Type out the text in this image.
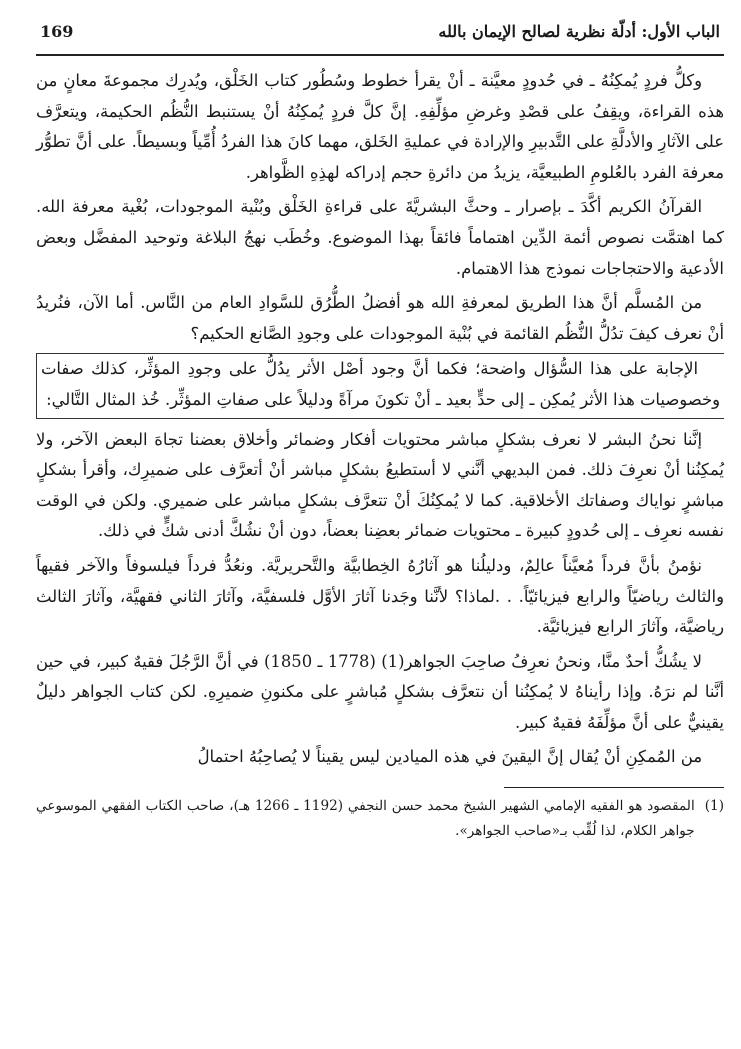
الباب الأول: أدلّة نظرية لصالح الإيمان بالله
169

وكلُّ فردٍ يُمكِنُهُ ـ في حُدودٍ معيَّنة ـ أنْ يقرأ خطوط وسُطُور كتاب الخَلْق، ويُدرِك مجموعةَ معانٍ من هذه القراءة، ويقِفُ على قصْدِ وغرضِ مؤلِّفِهِ. إنَّ كلَّ فردٍ يُمكِنُهُ أنْ يستنبط النُّظُم الحكيمة، ويتعرَّف على الآثارِ والأدلَّةِ على التَّدبيرِ والإرادة في عمليةِ الخَلق، مهما كانَ هذا الفردُ أُمِّياً وبسيطاً. على أنَّ تطوُّر معرفة الفرد بالعُلومِ الطبيعيَّة، يزيدُ من دائرةِ حجم إدراكه لهذِهِ الظَّواهر.

القرآنُ الكريم أكَّدَ ـ بإصرار ـ وحثَّ البشريَّةَ على قراءةِ الخَلْق وبُنْية الموجودات، بُغْية معرفة الله. كما اهتمَّت نصوص أئمة الدِّين اهتماماً فائقاً بهذا الموضوع. وخُطَب نهجُ البلاغة وتوحيد المفضَّل وبعض الأدعية والاحتجاجات نموذج هذا الاهتمام.

من المُسلَّم أنَّ هذا الطريق لمعرفةِ الله هو أفضلُ الطُّرُق للسَّوادِ العام من النَّاس. أما الآن، فنُريدُ أنْ نعرف كيفَ تدُلُّ النُّظُم القائمة في بُنْية الموجودات على وجودِ الصَّانع الحكيم؟

الإجابة على هذا السُّؤال واضحة؛ فكما أنَّ وجود أصْل الأثر يدُلُّ على وجودِ المؤثِّر، كذلك صفات وخصوصيات هذا الأثر يُمكِن ـ إلى حدٍّ بعيد ـ أنْ تكونَ مرآةً ودليلاً على صفاتِ المؤثِّر. خُذ المثال التَّالي:

إنَّنا نحنُ البشر لا نعرف بشكلٍ مباشر محتويات أفكار وضمائر وأخلاق بعضنا تجاهَ البعض الآخر، ولا يُمكِنُنا أنْ نعرِفَ ذلك. فمن البديهي أنَّني لا أستطيعُ بشكلٍ مباشر أنْ أتعرَّف على ضميرِك، وأقرأ بشكلٍ مباشرٍ نواياك وصفاتك الأخلاقية. كما لا يُمكِنُكَ أنْ تتعرَّف بشكلٍ مباشر على ضميري. ولكن في الوقت نفسه نعرِف ـ إلى حُدودٍ كبيرة ـ محتويات ضمائر بعضِنا بعضاً، دون أنْ نشُكَّ أدنى شكٍّ في ذلك.

نؤمنُ بأنَّ فرداً مُعيَّناً عالِمٌ، ودليلُنا هو آثارُهُ الخِطابيَّة والتَّحريريَّة. ونعُدُّ فرداً فيلسوفاً والآخر فقيهاً والثالث رياضيّاً والرابع فيزيائيّاً. . .لماذا؟ لأنَّنا وجَدنا آثارَ الأوَّل فلسفيَّة، وآثارَ الثاني فقهيَّة، وآثارَ الثالث رياضيَّة، وآثارَ الرابع فيزيائيَّة.

لا يشُكُّ أحدٌ منَّا، ونحنُ نعرِفُ صاحِبَ الجواهر(1) (1778 ـ 1850) في أنَّ الرَّجُلَ فقيهٌ كبير، في حين أنَّنا لم نرَهُ. وإذا رأيناهُ لا يُمكِنُنا أن نتعرَّف بشكلٍ مُباشرٍ على مكنونِ ضميرِهِ. لكن كتاب الجواهر دليلٌ يقينيٌّ على أنَّ مؤلِّفَهُ فقيهٌ كبير.

من المُمكِنِ أنْ يُقال إنَّ اليقينَ في هذه الميادين ليس يقيناً لا يُصاحِبُهُ احتمالُ

(1)
المقصود هو الفقيه الإمامي الشهير الشيخ محمد حسن النجفي (1192 ـ 1266 هـ)، صاحب الكتاب الفقهي الموسوعي جواهر الكلام، لذا لُقِّب بـ«صاحب الجواهر».
